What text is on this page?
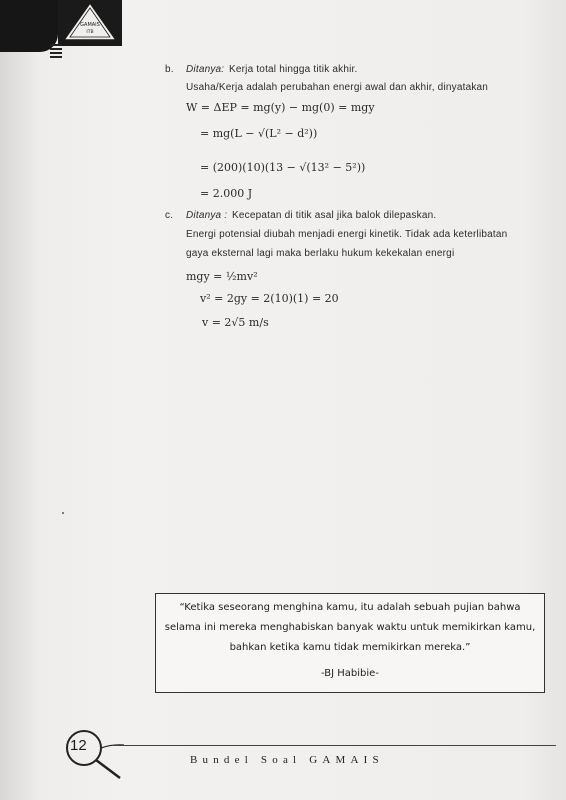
GAMAIS
ITB
b. Ditanya: Kerja total hingga titik akhir.
Usaha/Kerja adalah perubahan energi awal dan akhir, dinyatakan
W = ΔEP = mg(y) − mg(0) = mgy
= mg(L − √(L² − d²))
= (200)(10)(13 − √(13² − 5²))
= 2.000 J
c. Ditanya : Kecepatan di titik asal jika balok dilepaskan.
Energi potensial diubah menjadi energi kinetik. Tidak ada keterlibatan
gaya eksternal lagi maka berlaku hukum kekekalan energi
mgy = ½mv²
v² = 2gy = 2(10)(1) = 20
v = 2√5 m/s
“Ketika seseorang menghina kamu, itu adalah sebuah pujian bahwa
selama ini mereka menghabiskan banyak waktu untuk memikirkan kamu,
bahkan ketika kamu tidak memikirkan mereka.”
-BJ Habibie-
12
Bundel Soal GAMAIS
